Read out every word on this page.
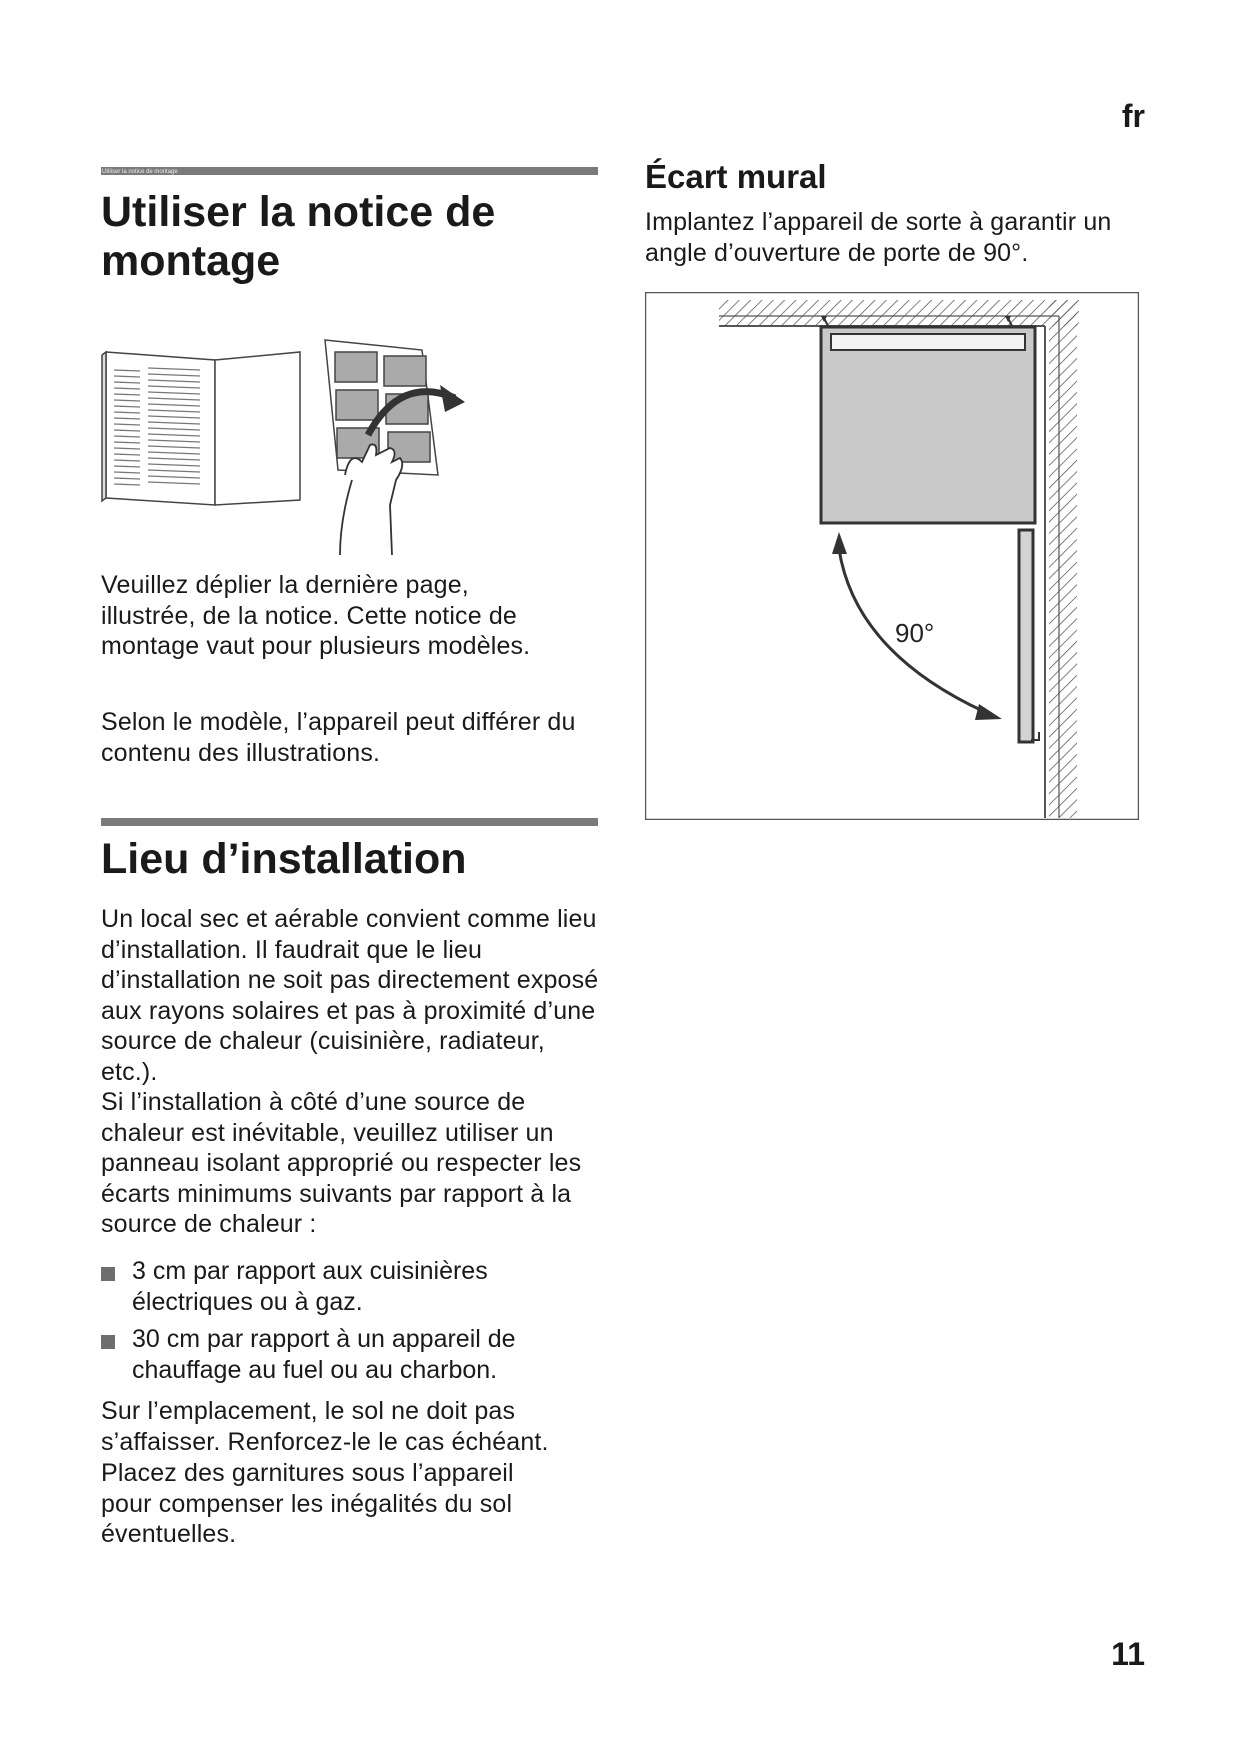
fr
Utiliser la notice de montage
Utiliser la notice de montage

Veuillez déplier la dernière page, illustrée, de la notice. Cette notice de montage vaut pour plusieurs modèles.

Selon le modèle, l’appareil peut différer du contenu des illustrations.

Lieu d’installation

Un local sec et aérable convient comme lieu d’installation. Il faudrait que le lieu d’installation ne soit pas directement exposé aux rayons solaires et pas à proximité d’une source de chaleur (cuisinière, radiateur, etc.).

Si l’installation à côté d’une source de chaleur est inévitable, veuillez utiliser un panneau isolant approprié ou respecter les écarts minimums suivants par rapport à la source de chaleur :

3 cm par rapport aux cuisinières électriques ou à gaz.
30 cm par rapport à un appareil de chauffage au fuel ou au charbon.

Sur l’emplacement, le sol ne doit pas s’affaisser. Renforcez-le le cas échéant.

Placez des garnitures sous l’appareil pour compenser les inégalités du sol éventuelles.

Écart mural

Implantez l’appareil de sorte à garantir un angle d’ouverture de porte de 90°.

90°
11
